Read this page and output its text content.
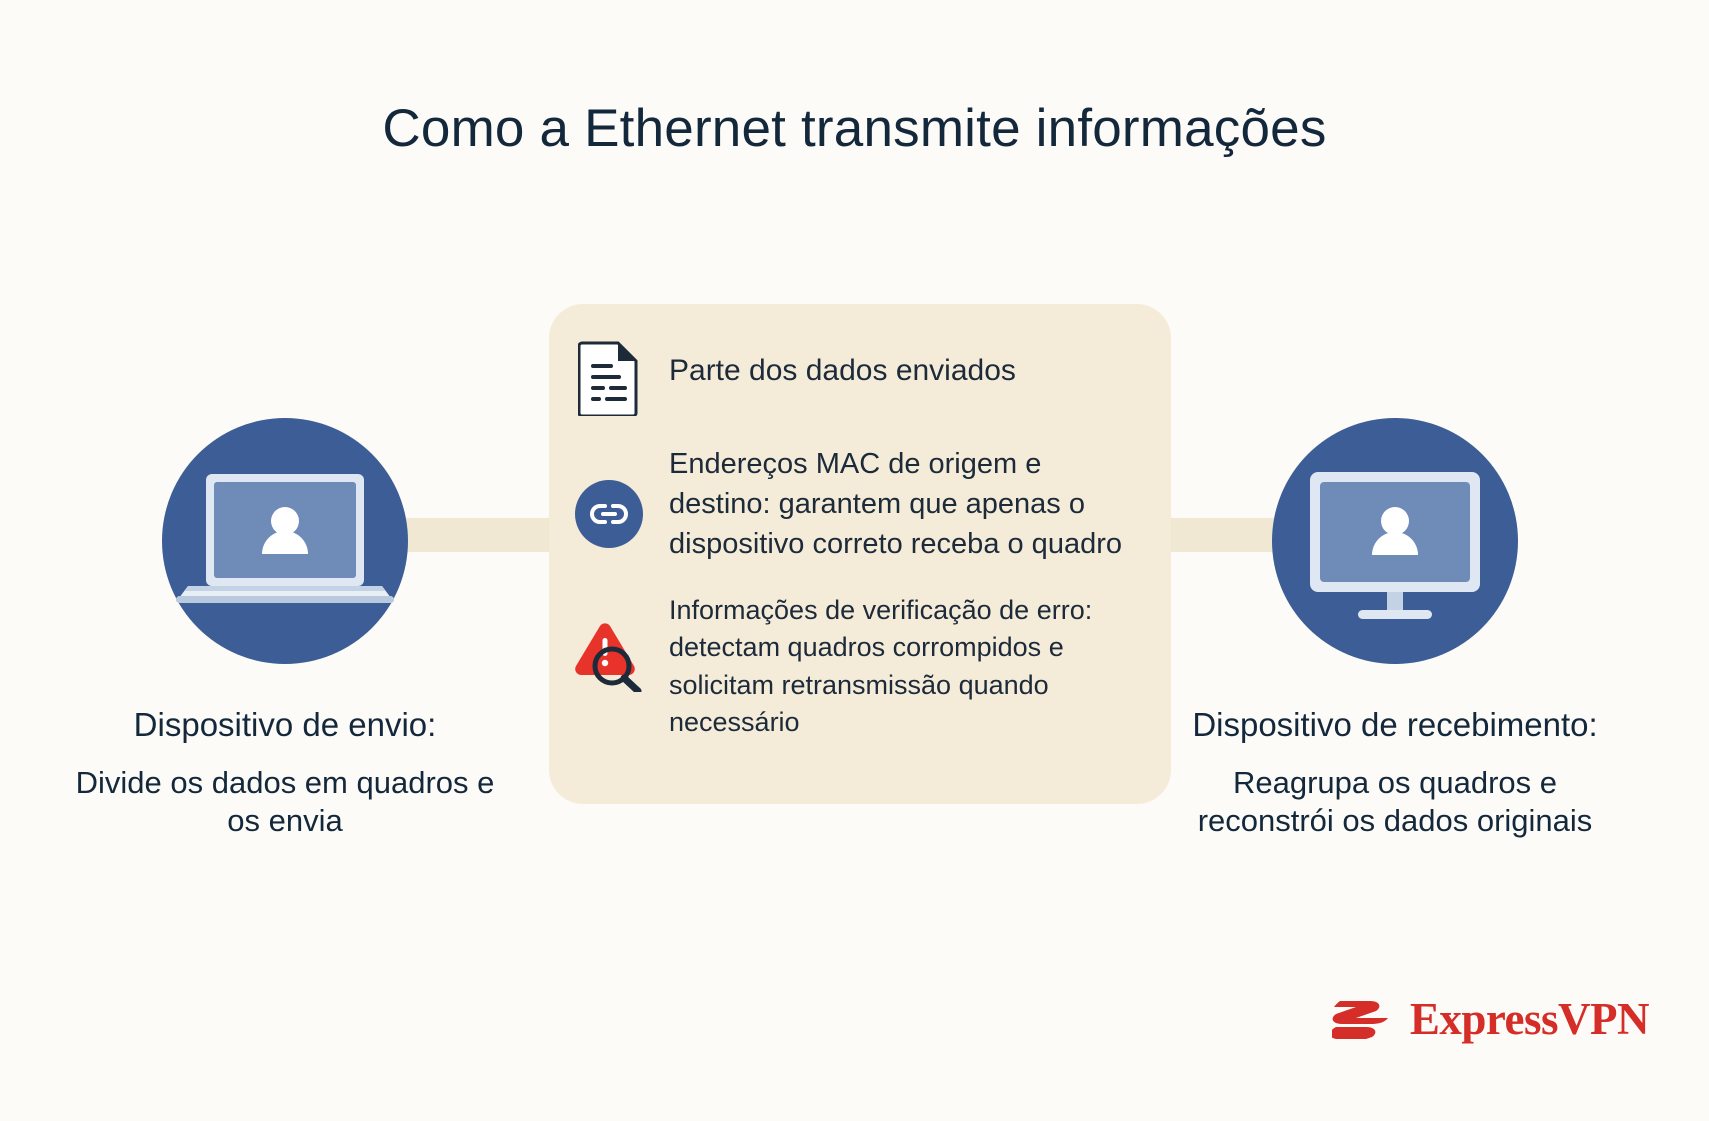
Como a Ethernet transmite informações
Dispositivo de envio:
Divide os dados em quadros e os envia
Parte dos dados enviados
Endereços MAC de origem e destino: garantem que apenas o dispositivo correto receba o quadro
Informações de verificação de erro: detectam quadros corrompidos e solicitam retransmissão quando necessário	Dispositivo de recebimento:
Reagrupa os quadros e reconstrói os dados originais
ExpressVPN
